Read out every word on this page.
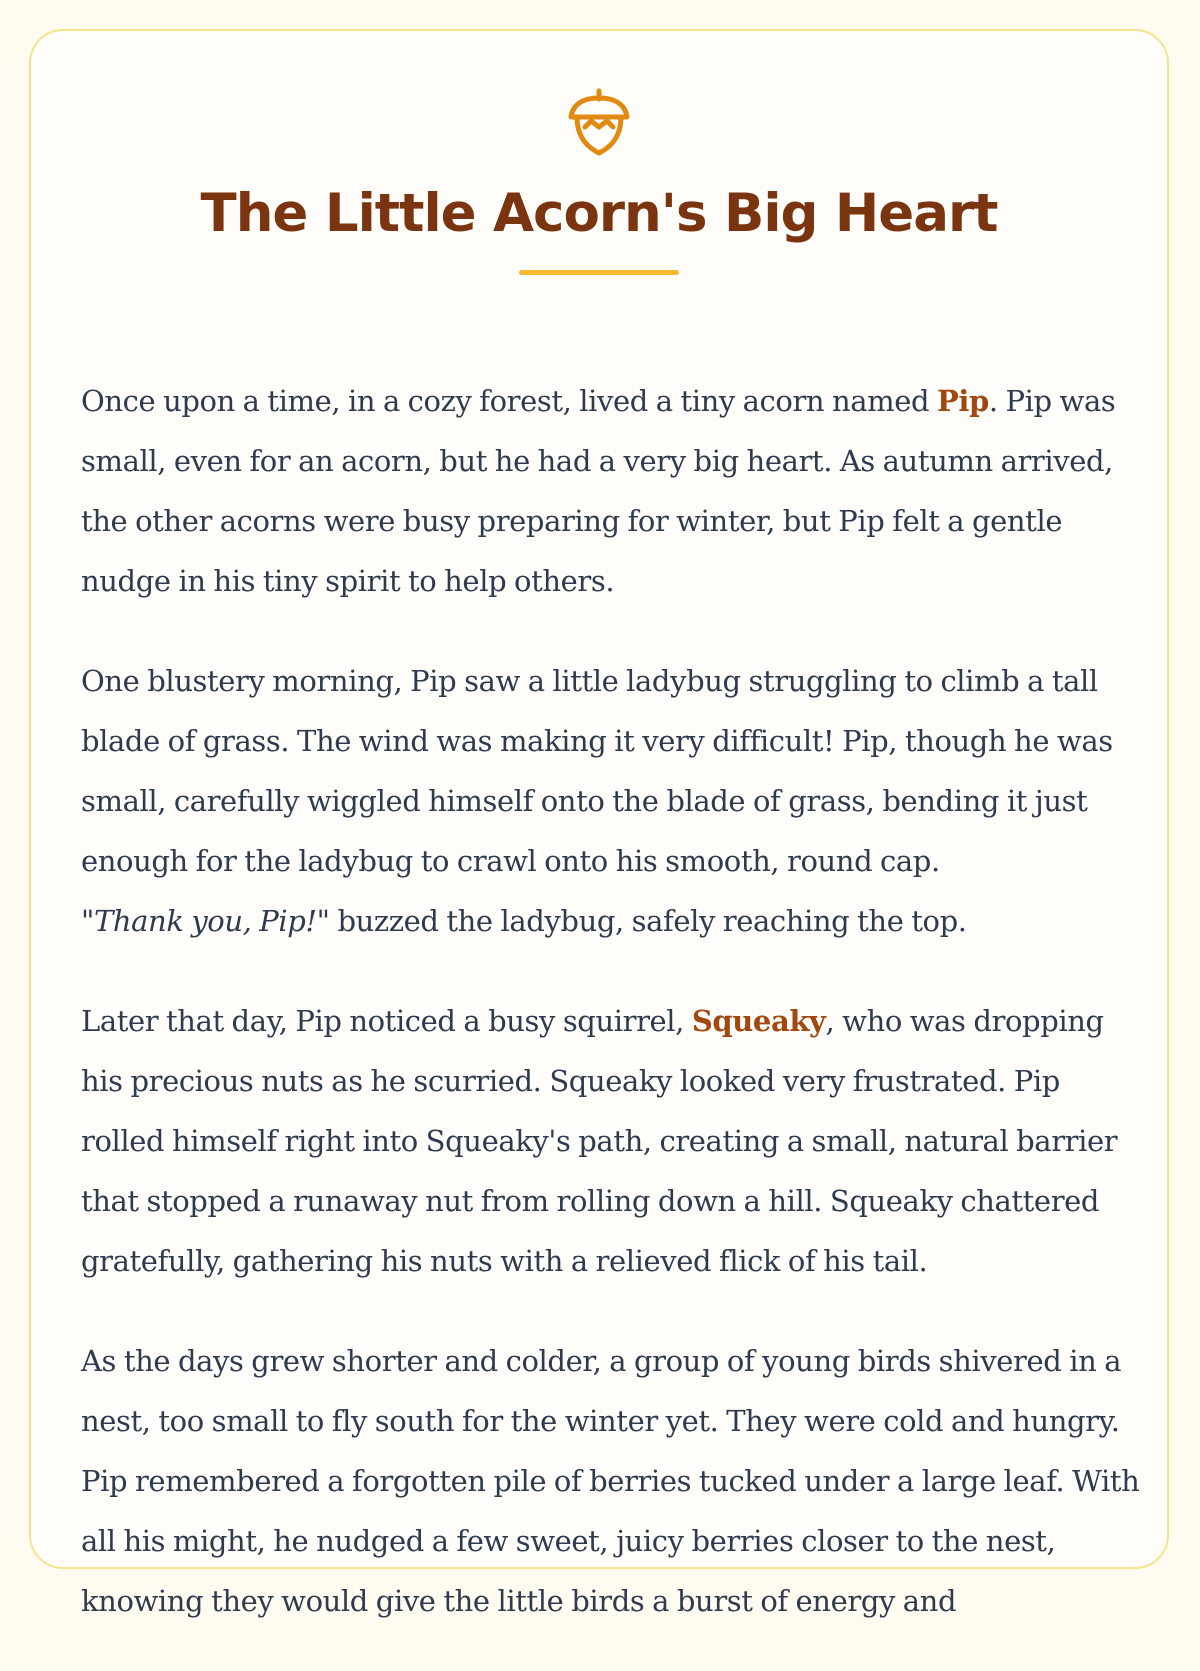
The Little Acorn's Big Heart

Once upon a time, in a cozy forest, lived a tiny acorn named Pip. Pip was small, even for an acorn, but he had a very big heart. As autumn arrived, the other acorns were busy preparing for winter, but Pip felt a gentle nudge in his tiny spirit to help others.

One blustery morning, Pip saw a little ladybug struggling to climb a tall blade of grass. The wind was making it very difficult! Pip, though he was small, carefully wiggled himself onto the blade of grass, bending it just enough for the ladybug to crawl onto his smooth, round cap.
"Thank you, Pip!" buzzed the ladybug, safely reaching the top.

Later that day, Pip noticed a busy squirrel, Squeaky, who was dropping his precious nuts as he scurried. Squeaky looked very frustrated. Pip rolled himself right into Squeaky's path, creating a small, natural barrier that stopped a runaway nut from rolling down a hill. Squeaky chattered gratefully, gathering his nuts with a relieved flick of his tail.

As the days grew shorter and colder, a group of young birds shivered in a nest, too small to fly south for the winter yet. They were cold and hungry. Pip remembered a forgotten pile of berries tucked under a large leaf. With all his might, he nudged a few sweet, juicy berries closer to the nest, knowing they would give the little birds a burst of energy and
